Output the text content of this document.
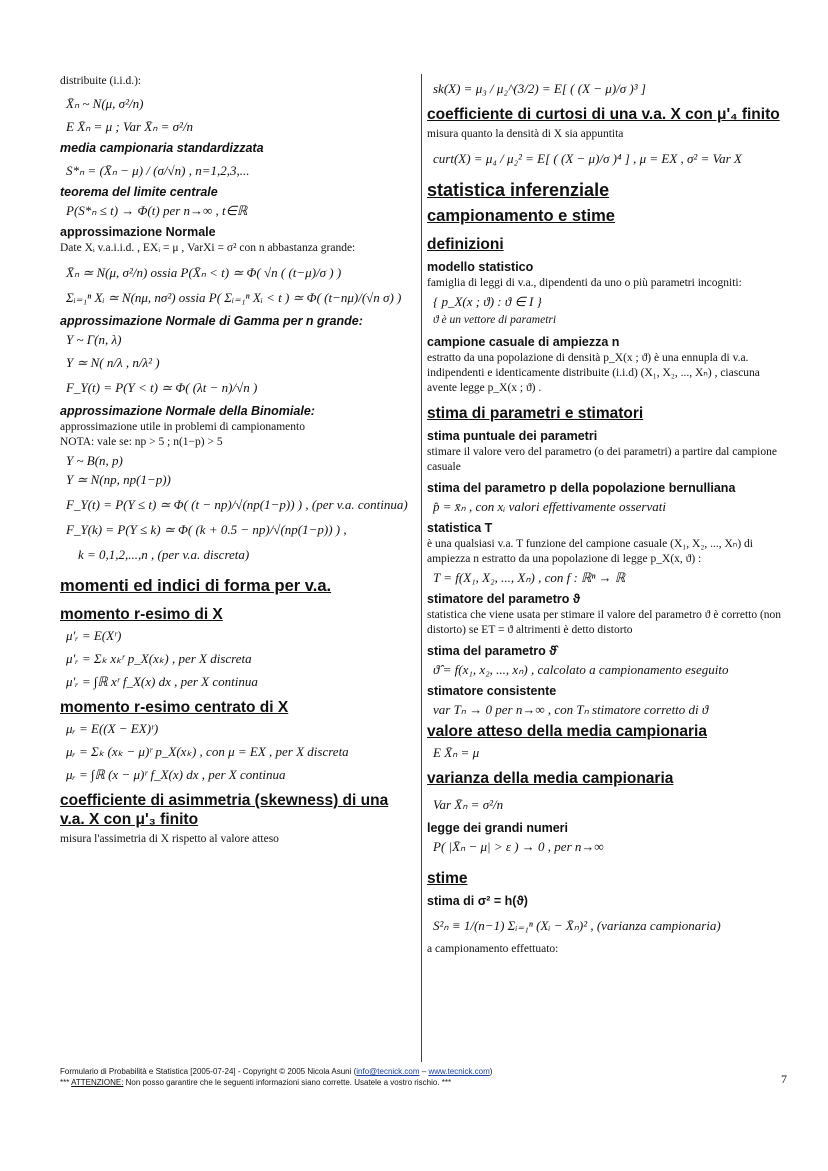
distribuite (i.i.d.):

X̄ₙ ~ N(μ, σ²/n)
E X̄ₙ = μ ; Var X̄ₙ = σ²/n
media campionaria standardizzata
S*ₙ = (X̄ₙ − μ) / (σ/√n) , n=1,2,3,...
teorema del limite centrale
P(S*ₙ ≤ t) → Φ(t) per n→∞ , t∈ℝ
approssimazione Normale

Date Xᵢ v.a.i.i.d. , EXᵢ = μ , VarXi = σ² con n abbastanza grande:

X̄ₙ ≃ N(μ, σ²/n) ossia P(X̄ₙ < t) ≃ Φ( √n ( (t−μ)/σ ) )
Σᵢ₌₁ⁿ Xᵢ ≃ N(nμ, nσ²) ossia P( Σᵢ₌₁ⁿ Xᵢ < t ) ≃ Φ( (t−nμ)/(√n σ) )
approssimazione Normale di Gamma per n grande:
Y ~ Γ(n, λ)
Y ≃ N( n/λ , n/λ² )
F_Y(t) = P(Y < t) ≃ Φ( (λt − n)/√n )
approssimazione Normale della Binomiale:

approssimazione utile in problemi di campionamento

NOTA: vale se: np > 5 ; n(1−p) > 5

Y ~ B(n, p)
Y ≃ N(np, np(1−p))
F_Y(t) = P(Y ≤ t) ≃ Φ( (t − np)/√(np(1−p)) ) , (per v.a. continua)
F_Y(k) = P(Y ≤ k) ≃ Φ( (k + 0.5 − np)/√(np(1−p)) ) ,
k = 0,1,2,...,n , (per v.a. discreta)
momenti ed indici di forma per v.a.
momento r-esimo di X
μ′ᵣ = E(Xʳ)
μ′ᵣ = Σₖ xₖʳ p_X(xₖ) , per X discreta
μ′ᵣ = ∫ℝ xʳ f_X(x) dx , per X continua
momento r-esimo centrato di X
μᵣ = E((X − EX)ʳ)
μᵣ = Σₖ (xₖ − μ)ʳ p_X(xₖ) , con μ = EX , per X discreta
μᵣ = ∫ℝ (x − μ)ʳ f_X(x) dx , per X continua
coefficiente di asimmetria (skewness) di una v.a. X con μ'₃ finito

misura l'assimetria di X rispetto al valore atteso

sk(X) = μ₃ / μ₂^(3/2) = E[ ( (X − μ)/σ )³ ]
coefficiente di curtosi di una v.a. X con μ'₄ finito

misura quanto la densità di X sia appuntita

curt(X) = μ₄ / μ₂² = E[ ( (X − μ)/σ )⁴ ] , μ = EX , σ² = Var X
statistica inferenziale
campionamento e stime
definizioni
modello statistico

famiglia di leggi di v.a., dipendenti da uno o più parametri incogniti:

{ p_X(x ; ϑ) : ϑ ∈ I }
ϑ è un vettore di parametri
campione casuale di ampiezza n

estratto da una popolazione di densità p_X(x ; ϑ) è una ennupla di v.a. indipendenti e identicamente distribuite (i.i.d) (X₁, X₂, ..., Xₙ) , ciascuna avente legge p_X(x ; ϑ) .

stima di parametri e stimatori
stima puntuale dei parametri

stimare il valore vero del parametro (o dei parametri) a partire dal campione casuale

stima del parametro p della popolazione bernulliana
p̂ = x̄ₙ , con xᵢ valori effettivamente osservati
statistica T

è una qualsiasi v.a. T funzione del campione casuale (X₁, X₂, ..., Xₙ) di ampiezza n estratto da una popolazione di legge p_X(x, ϑ) :

T = f(X₁, X₂, ..., Xₙ) , con f : ℝⁿ → ℝ
stimatore del parametro ϑ

statistica che viene usata per stimare il valore del parametro ϑ è corretto (non distorto) se ET = ϑ altrimenti è detto distorto

stima del parametro ϑ̂
ϑ̂ = f(x₁, x₂, ..., xₙ) , calcolato a campionamento eseguito
stimatore consistente
var Tₙ → 0 per n→∞ , con Tₙ stimatore corretto di ϑ
valore atteso della media campionaria
E X̄ₙ = μ
varianza della media campionaria
Var X̄ₙ = σ²/n
legge dei grandi numeri
P( |X̄ₙ − μ| > ε ) → 0 , per n→∞
stime
stima di σ² = h(ϑ)
S²ₙ ≡ 1/(n−1) Σᵢ₌₁ⁿ (Xᵢ − X̄ₙ)² , (varianza campionaria)

a campionamento effettuato:

Formulario di Probabilità e Statistica [2005-07-24] - Copyright © 2005 Nicola Asuni (info@tecnick.com – www.tecnick.com)
*** ATTENZIONE: Non posso garantire che le seguenti informazioni siano corrette. Usatele a vostro rischio. ***	7
